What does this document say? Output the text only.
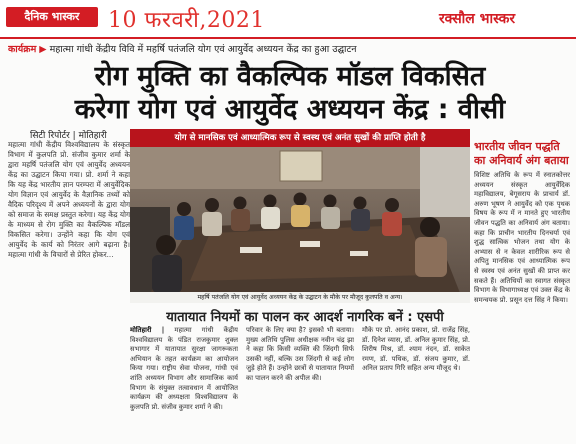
दैनिक भास्कर	10 फरवरी,2021	रक्सौल भास्कर
कार्यक्रम ▶ महात्मा गांधी केंद्रीय विवि में महर्षि पतंजलि योग एवं आयुर्वेद अध्ययन केंद्र का हुआ उद्घाटन
रोग मुक्ति का वैकल्पिक मॉडल विकसित
करेगा योग एवं आयुर्वेद अध्ययन केंद्र : वीसी
सिटी रिपोर्टर | मोतिहारी
महात्मा गांधी केंद्रीय विश्वविद्यालय के संस्कृत विभाग में कुलपति प्रो. संजीव कुमार शर्मा के द्वारा महर्षि पतंजलि योग एवं आयुर्वेद अध्ययन केंद्र का उद्घाटन किया गया। प्रो. शर्मा ने कहा कि यह केंद्र भारतीय ज्ञान परम्परा में आयुर्वेदिक योग विज्ञान एवं आयुर्वेद के वैज्ञानिक तथ्यों को वैदिक परिदृश्य में अपने अध्ययनों के द्वारा योग को समाज के समक्ष प्रस्तुत करेगा। यह केंद्र योग के माध्यम से रोग मुक्ति का वैकल्पिक मॉडल विकसित करेगा। उन्होंने कहा कि योग एवं आयुर्वेद के कार्य को निरंतर आगे बढ़ाना है। महात्मा गांधी के विचारों से प्रेरित होकर...
योग से मानसिक एवं आध्यात्मिक रूप से स्वस्थ एवं अनंत सुखों की प्राप्ति होती है
महर्षि पतंजलि योग एवं आयुर्वेद अध्ययन केंद्र के उद्घाटन के मौके पर मौजूद कुलपति व अन्य।
भारतीय जीवन पद्धति का अनिवार्य अंग बताया
विशिष्ट अतिथि के रूप में स्नातकोत्तर अध्ययन संस्कृत आयुर्वेदिक महाविद्यालय, बेगूसराय के प्राचार्य डॉ. अरुण भूषण ने आयुर्वेद को एक पृथक विषय के रूप में न मानते हुए भारतीय जीवन पद्धति का अनिवार्य अंग बताया। कहा कि प्राचीन भारतीय दिनचर्या एवं शुद्ध सात्विक भोजन तथा योग के अभ्यास से न केवल शारीरिक रूप से अपितु मानसिक एवं आध्यात्मिक रूप से स्वस्थ एवं अनंत सुखों की प्राप्त कर सकते हैं। अतिथियों का स्वागत संस्कृत विभाग के विभागाध्यक्ष एवं उक्त केंद्र के समन्वयक प्रो. प्रसून दत्त सिंह ने किया।
यातायात नियमों का पालन कर आदर्श नागरिक बनें : एसपी
मोतिहारी | महात्मा गांधी केंद्रीय विश्वविद्यालय के पंडित राजकुमार शुक्ल सभागार में यातायात सुरक्षा जागरूकता अभियान के तहत कार्यक्रम का आयोजन किया गया। राष्ट्रीय सेवा योजना, गांधी एवं शांति अध्ययन विभाग और सामाजिक कार्य विभाग के संयुक्त तत्वावधान में आयोजित कार्यक्रम की अध्यक्षता विश्वविद्यालय के कुलपति प्रो. संजीव कुमार शर्मा ने की।
परिवार के लिए क्या है? इसको भी बताया। मुख्य अतिथि पुलिस अधीक्षक नवीन चंद्र झा ने कहा कि किसी व्यक्ति की जिंदगी सिर्फ उसकी नहीं, बल्कि उस जिंदगी से कई लोग जुड़े होते हैं। उन्होंने छात्रों से यातायात नियमों का पालन करने की अपील की।
मौके पर प्रो. आनंद प्रकाश, प्रो. राजेंद्र सिंह, डॉ. दिनेश व्यास, डॉ. अनिल कुमार सिंह, प्रो. शिरीष मिश्र, डॉ. श्याम नंदन, डॉ. साकेत रमण, डॉ. पथिक, डॉ. संजय कुमार, डॉ. अनिल प्रताप गिरि सहित अन्य मौजूद थे।
